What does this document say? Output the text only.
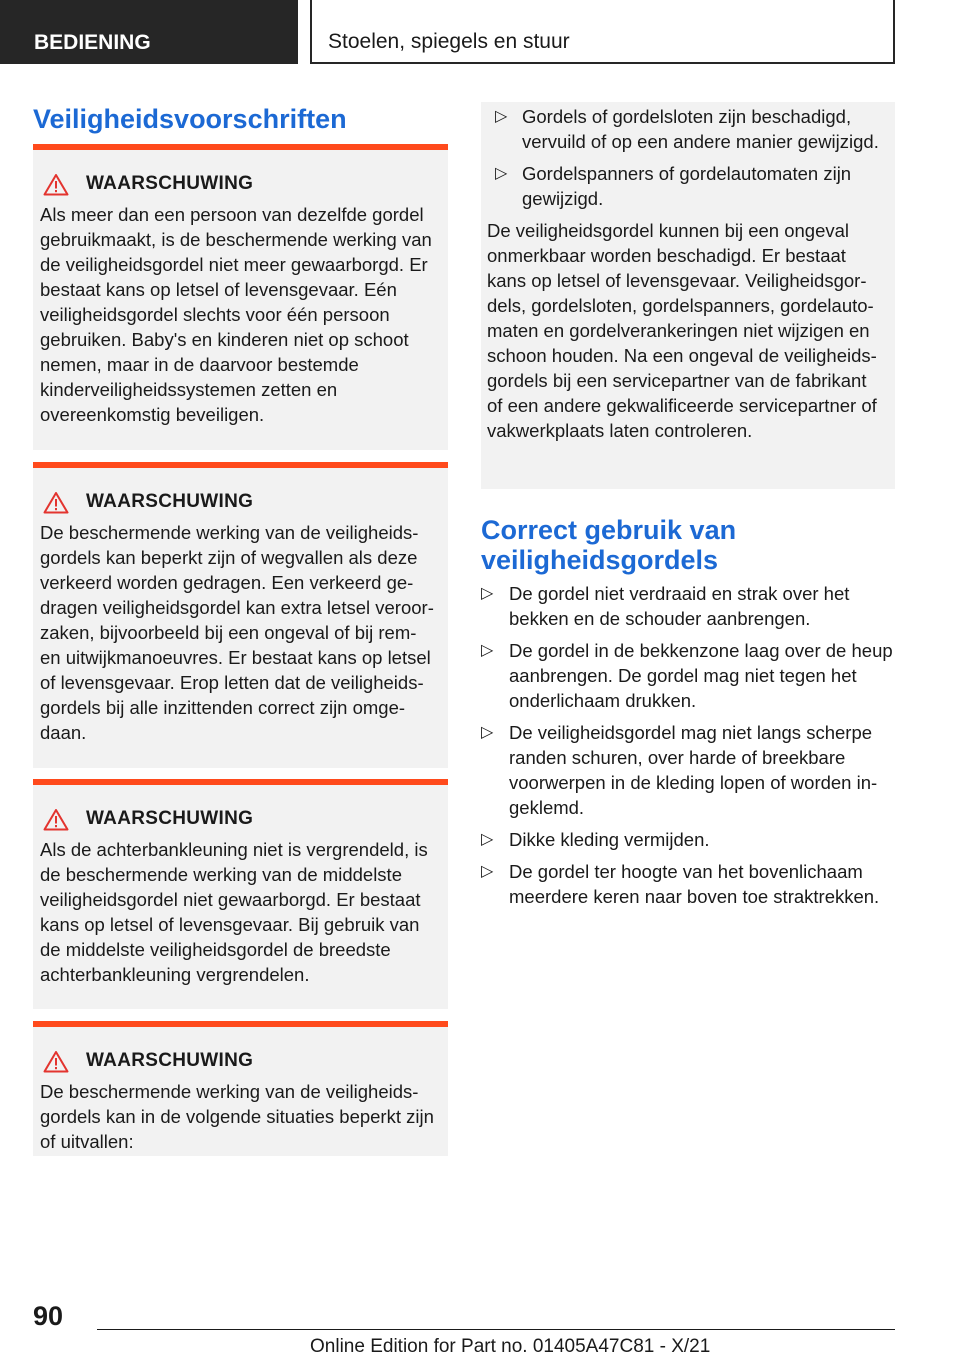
BEDIENING	Stoelen, spiegels en stuur
Veiligheidsvoorschriften
WAARSCHUWING

Als meer dan een persoon van dezelfde gordel gebruikmaakt, is de beschermende werking van de veiligheidsgordel niet meer gewaarborgd. Er bestaat kans op letsel of levensgevaar. Eén veiligheidsgordel slechts voor één persoon gebruiken. Baby's en kinderen niet op schoot nemen, maar in de daarvoor bestemde kinderveiligheidssystemen zetten en overeenkomstig beveiligen.

WAARSCHUWING

De beschermende werking van de veiligheidsgordels kan beperkt zijn of wegvallen als deze verkeerd worden gedragen. Een verkeerd gedragen veiligheidsgordel kan extra letsel veroorzaken, bijvoorbeeld bij een ongeval of bij rem- en uitwijkmanoeuvres. Er bestaat kans op letsel of levensgevaar. Erop letten dat de veiligheidsgordels bij alle inzittenden correct zijn omgedaan.

WAARSCHUWING

Als de achterbankleuning niet is vergrendeld, is de beschermende werking van de middelste veiligheidsgordel niet gewaarborgd. Er bestaat kans op letsel of levensgevaar. Bij gebruik van de middelste veiligheidsgordel de breedste achterbankleuning vergrendelen.

WAARSCHUWING

De beschermende werking van de veiligheidsgordels kan in de volgende situaties beperkt zijn of uitvallen:

▷ Gordels of gordelsloten zijn beschadigd, vervuild of op een andere manier gewijzigd.
▷ Gordelspanners of gordelautomaten zijn gewijzigd.

De veiligheidsgordel kunnen bij een ongeval onmerkbaar worden beschadigd. Er bestaat kans op letsel of levensgevaar. Veiligheidsgordels, gordelsloten, gordelspanners, gordelautomaten en gordelverankeringen niet wijzigen en schoon houden. Na een ongeval de veiligheidsgordels bij een servicepartner van de fabrikant of een andere gekwalificeerde servicepartner of vakwerkplaats laten controleren.

Correct gebruik van veiligheidsgordels
▷ De gordel niet verdraaid en strak over het bekken en de schouder aanbrengen.
▷ De gordel in de bekkenzone laag over de heup aanbrengen. De gordel mag niet tegen het onderlichaam drukken.
▷ De veiligheidsgordel mag niet langs scherpe randen schuren, over harde of breekbare voorwerpen in de kleding lopen of worden ingeklemd.
▷ Dikke kleding vermijden.
▷ De gordel ter hoogte van het bovenlichaam meerdere keren naar boven toe straktrekken.
90
Online Edition for Part no. 01405A47C81 - X/21
